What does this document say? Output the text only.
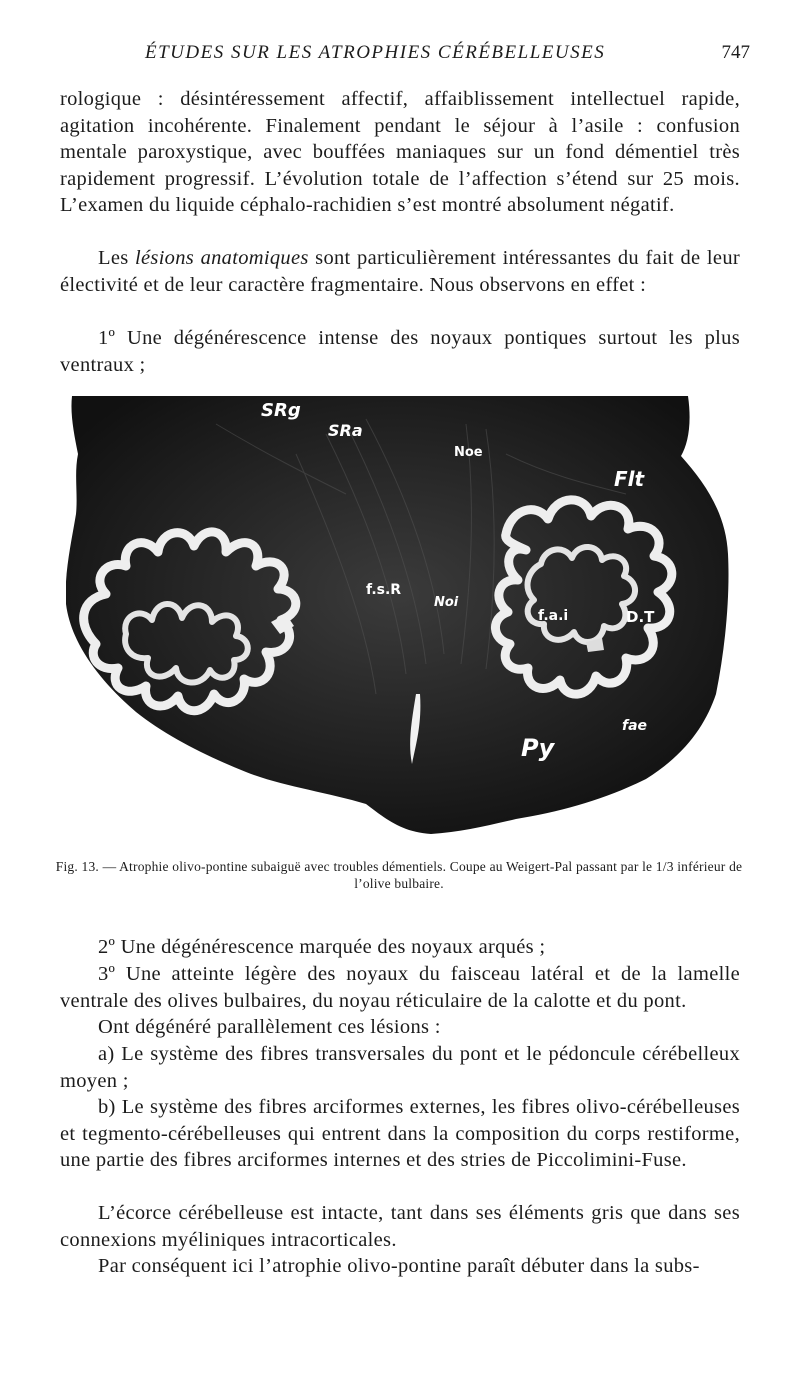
ÉTUDES SUR LES ATROPHIES CÉRÉBELLEUSES	747

rologique : désintéressement affectif, affaiblissement intellectuel rapide, agitation incohérente. Finalement pendant le séjour à l’asile : confusion mentale paroxystique, avec bouffées maniaques sur un fond démentiel très rapidement progressif. L’évolution totale de l’affection s’étend sur 25 mois. L’examen du liquide céphalo-rachidien s’est montré absolument négatif.

Les lésions anatomiques sont particulièrement intéressantes du fait de leur électivité et de leur caractère fragmentaire. Nous observons en effet :

1º Une dégénérescence intense des noyaux pontiques surtout les plus ventraux ;

SRg
SRa
Noe
Flt
f.s.R
Noi
f.a.i	D.T
fae
Py

Fig. 13. — Atrophie olivo-pontine subaiguë avec troubles démentiels. Coupe au Weigert-Pal passant par le 1/3 inférieur de l’olive bulbaire.

2º Une dégénérescence marquée des noyaux arqués ;

3º Une atteinte légère des noyaux du faisceau latéral et de la lamelle ventrale des olives bulbaires, du noyau réticulaire de la calotte et du pont.

Ont dégénéré parallèlement ces lésions :

a) Le système des fibres transversales du pont et le pédoncule cérébelleux moyen ;

b) Le système des fibres arciformes externes, les fibres olivo-cérébelleuses et tegmento-cérébelleuses qui entrent dans la composition du corps restiforme, une partie des fibres arciformes internes et des stries de Piccolimini-Fuse.

L’écorce cérébelleuse est intacte, tant dans ses éléments gris que dans ses connexions myéliniques intracorticales.

Par conséquent ici l’atrophie olivo-pontine paraît débuter dans la subs-
